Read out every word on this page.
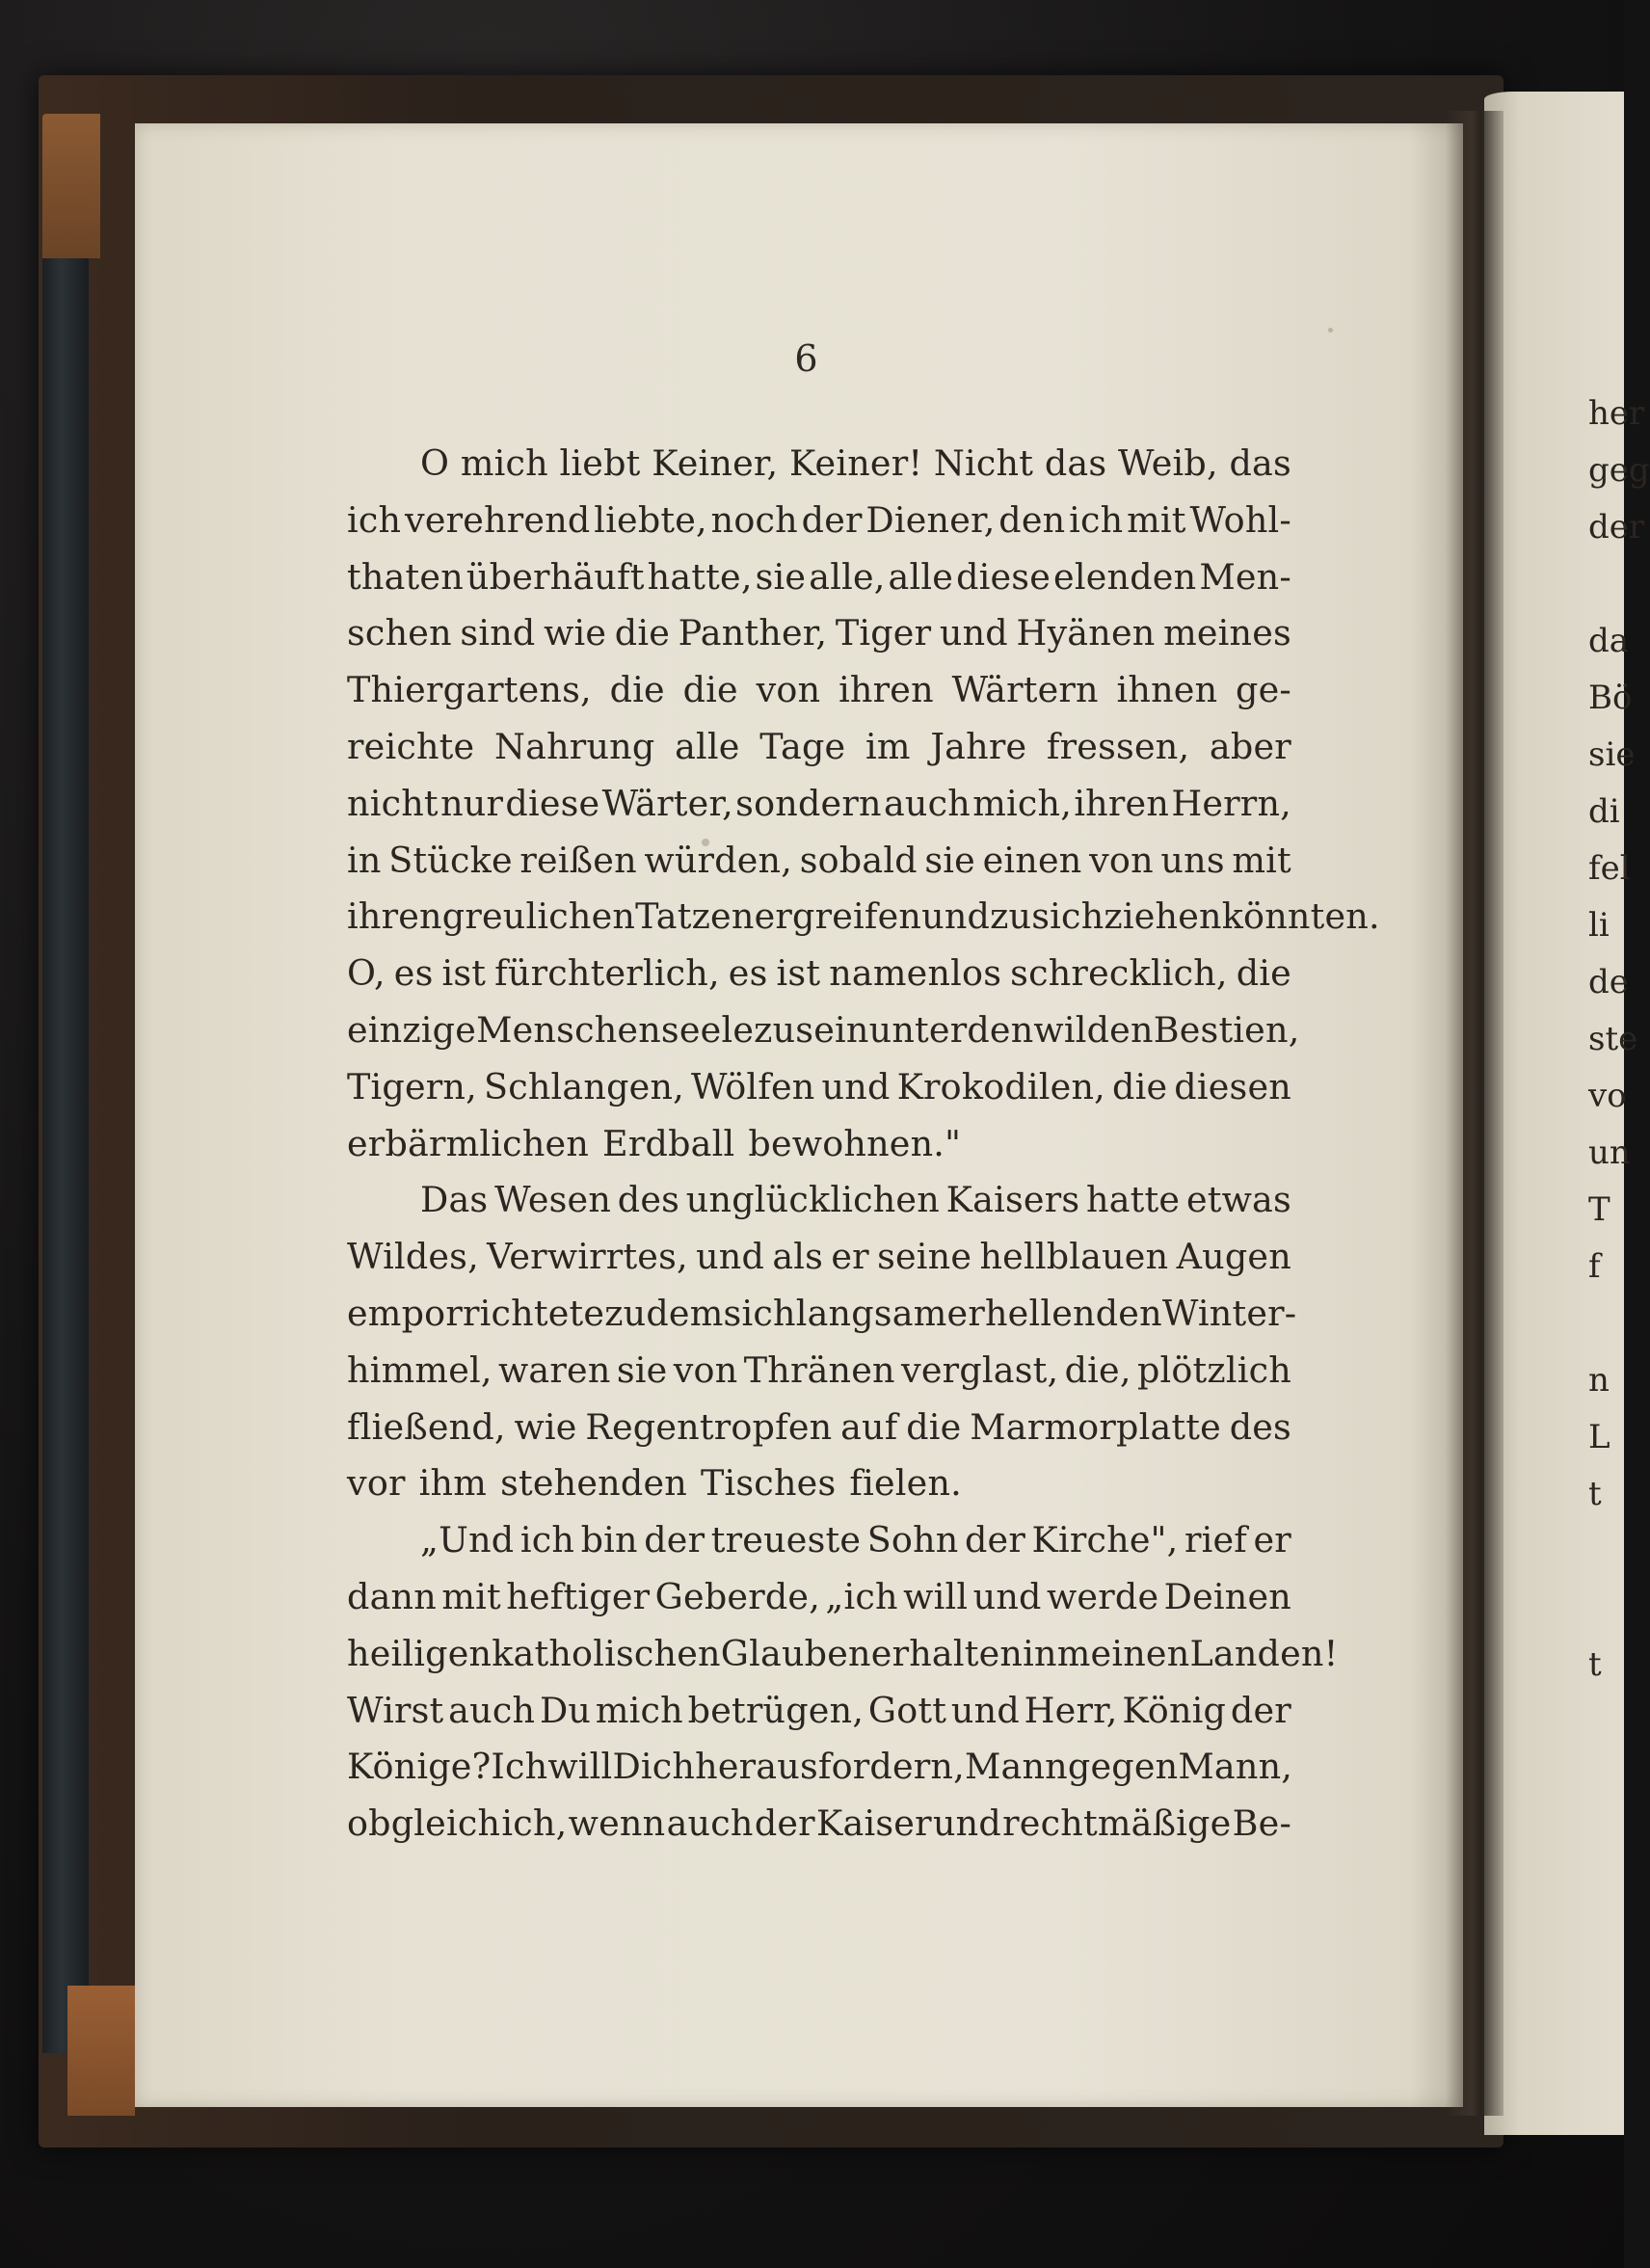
her
geg
der
da
Bö
sie
di
fel
li
de
ste
vo
un
T
f
n
L
t
t
6
O mich liebt Keiner, Keiner! Nicht das Weib, das
ich verehrend liebte, noch der Diener, den ich mit Wohl-
thaten überhäuft hatte, sie alle, alle diese elenden Men-
schen sind wie die Panther, Tiger und Hyänen meines
Thiergartens, die die von ihren Wärtern ihnen ge-
reichte Nahrung alle Tage im Jahre fressen, aber
nicht nur diese Wärter, sondern auch mich, ihren Herrn,
in Stücke reißen würden, sobald sie einen von uns mit
ihren greulichen Tatzen ergreifen und zu sich ziehen könnten.
O, es ist fürchterlich, es ist namenlos schrecklich, die
einzige Menschenseele zu sein unter den wilden Bestien,
Tigern, Schlangen, Wölfen und Krokodilen, die diesen
erbärmlichen Erdball bewohnen."
Das Wesen des unglücklichen Kaisers hatte etwas
Wildes, Verwirrtes, und als er seine hellblauen Augen
emporrichtete zu dem sich langsam erhellenden Winter-
himmel, waren sie von Thränen verglast, die, plötzlich
fließend, wie Regentropfen auf die Marmorplatte des
vor ihm stehenden Tisches fielen.
„Und ich bin der treueste Sohn der Kirche", rief er
dann mit heftiger Geberde, „ich will und werde Deinen
heiligen katholischen Glauben erhalten in meinen Landen!
Wirst auch Du mich betrügen, Gott und Herr, König der
Könige? Ich will Dich herausfordern, Mann gegen Mann,
obgleich ich, wenn auch der Kaiser und rechtmäßige Be-
